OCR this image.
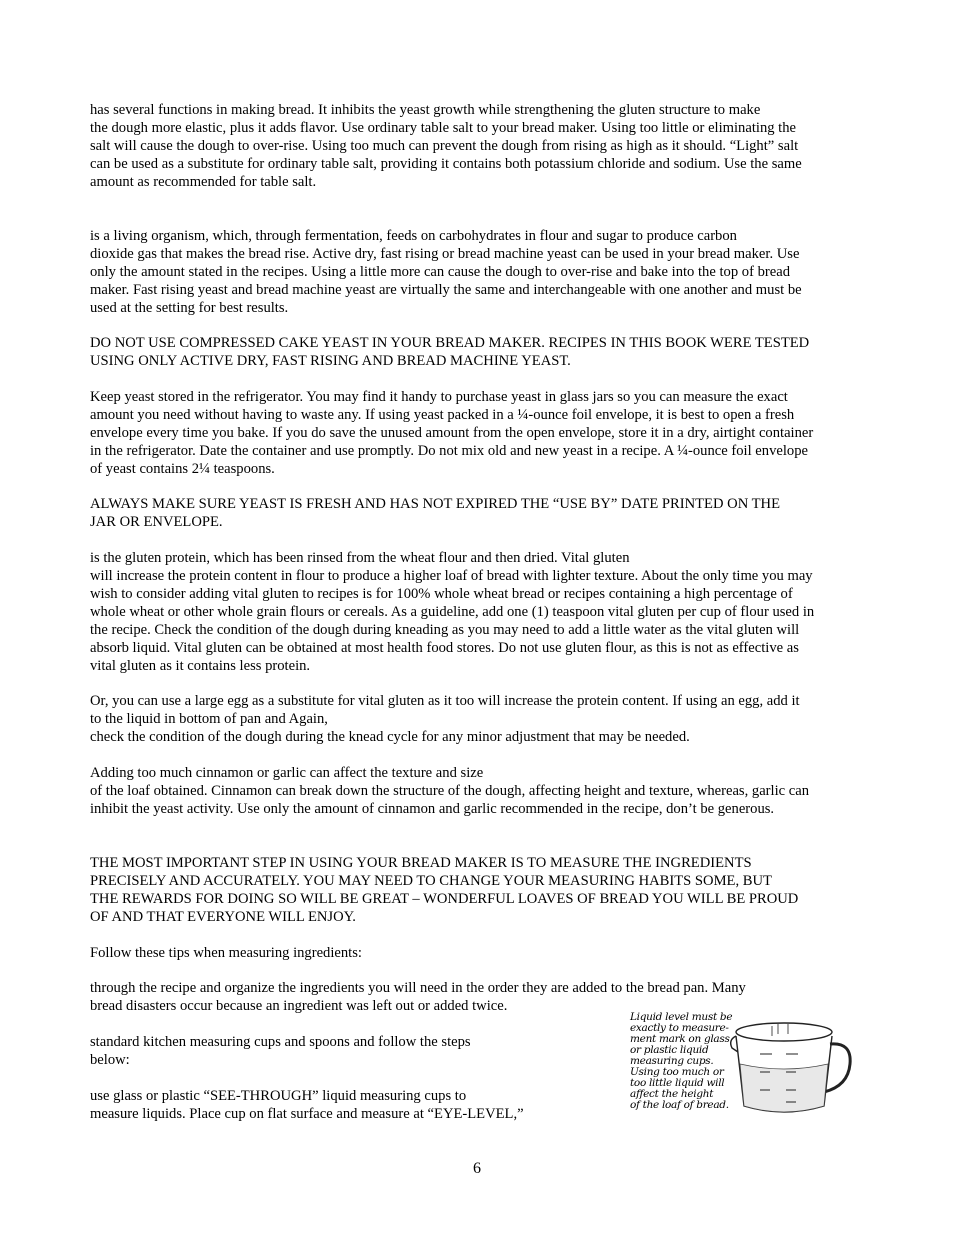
has several functions in making bread. It inhibits the yeast growth while strengthening the gluten structure to make
the dough more elastic, plus it adds flavor. Use ordinary table salt to your bread maker. Using too little or eliminating the
salt will cause the dough to over-rise. Using too much can prevent the dough from rising as high as it should. “Light” salt
can be used as a substitute for ordinary table salt, providing it contains both potassium chloride and sodium. Use the same
amount as recommended for table salt.

is a living organism, which, through fermentation, feeds on carbohydrates in flour and sugar to produce carbon
dioxide gas that makes the bread rise. Active dry, fast rising or bread machine yeast can be used in your bread maker. Use
only the amount stated in the recipes. Using a little more can cause the dough to over-rise and bake into the top of bread
maker. Fast rising yeast and bread machine yeast are virtually the same and interchangeable with one another and must be
used at the setting for best results.

DO NOT USE COMPRESSED CAKE YEAST IN YOUR BREAD MAKER. RECIPES IN THIS BOOK WERE TESTED
USING ONLY ACTIVE DRY, FAST RISING AND BREAD MACHINE YEAST.

Keep yeast stored in the refrigerator. You may find it handy to purchase yeast in glass jars so you can measure the exact
amount you need without having to waste any. If using yeast packed in a ¼-ounce foil envelope, it is best to open a fresh
envelope every time you bake. If you do save the unused amount from the open envelope, store it in a dry, airtight container
in the refrigerator. Date the container and use promptly. Do not mix old and new yeast in a recipe. A ¼-ounce foil envelope
of yeast contains 2¼ teaspoons.

ALWAYS MAKE SURE YEAST IS FRESH AND HAS NOT EXPIRED THE “USE BY” DATE PRINTED ON THE
JAR OR ENVELOPE.

is the gluten protein, which has been rinsed from the wheat flour and then dried. Vital gluten
will increase the protein content in flour to produce a higher loaf of bread with lighter texture. About the only time you may
wish to consider adding vital gluten to recipes is for 100% whole wheat bread or recipes containing a high percentage of
whole wheat or other whole grain flours or cereals. As a guideline, add one (1) teaspoon vital gluten per cup of flour used in
the recipe. Check the condition of the dough during kneading as you may need to add a little water as the vital gluten will
absorb liquid. Vital gluten can be obtained at most health food stores. Do not use gluten flour, as this is not as effective as
vital gluten as it contains less protein.

Or, you can use a large egg as a substitute for vital gluten as it too will increase the protein content. If using an egg, add it
to the liquid in bottom of pan and Again,
check the condition of the dough during the knead cycle for any minor adjustment that may be needed.

Adding too much cinnamon or garlic can affect the texture and size
of the loaf obtained. Cinnamon can break down the structure of the dough, affecting height and texture, whereas, garlic can
inhibit the yeast activity. Use only the amount of cinnamon and garlic recommended in the recipe, don’t be generous.

THE MOST IMPORTANT STEP IN USING YOUR BREAD MAKER IS TO MEASURE THE INGREDIENTS
PRECISELY AND ACCURATELY. YOU MAY NEED TO CHANGE YOUR MEASURING HABITS SOME, BUT
THE REWARDS FOR DOING SO WILL BE GREAT – WONDERFUL LOAVES OF BREAD YOU WILL BE PROUD
OF AND THAT EVERYONE WILL ENJOY.

Follow these tips when measuring ingredients:

through the recipe and organize the ingredients you will need in the order they are added to the bread pan. Many
bread disasters occur because an ingredient was left out or added twice.

standard kitchen measuring cups and spoons and follow the steps
below:

use glass or plastic “SEE-THROUGH” liquid measuring cups to
measure liquids. Place cup on flat surface and measure at “EYE-LEVEL,”

Liquid level must be
exactly to measure-
ment mark on glass
or plastic liquid
measuring cups.
Using too much or
too little liquid will
affect the height
of the loaf of bread.
6
